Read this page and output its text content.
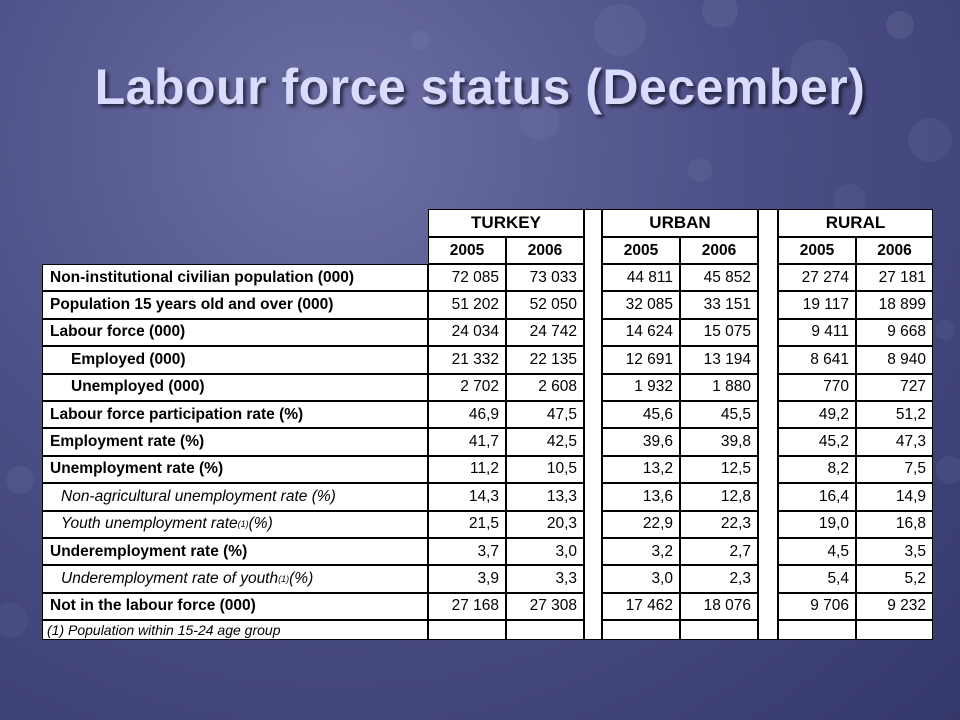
Labour force status (December)
TURKEY	URBAN	RURAL
2005	2006	2005	2006	2005	2006
Non-institutional civilian population (000)	72 085	73 033	44 811	45 852	27 274	27 181
Population 15 years old and over (000)	51 202	52 050	32 085	33 151	19 117	18 899
Labour force (000)	24 034	24 742	14 624	15 075	9 411	9 668
Employed (000)	21 332	22 135	12 691	13 194	8 641	8 940
Unemployed (000)	2 702	2 608	1 932	1 880	770	727
Labour force participation rate (%)	46,9	47,5	45,6	45,5	49,2	51,2
Employment rate (%)	41,7	42,5	39,6	39,8	45,2	47,3
Unemployment rate (%)	11,2	10,5	13,2	12,5	8,2	7,5
Non-agricultural unemployment rate (%)	14,3	13,3	13,6	12,8	16,4	14,9
Youth unemployment rate (1) (%)	21,5	20,3	22,9	22,3	19,0	16,8
Underemployment rate (%)	3,7	3,0	3,2	2,7	4,5	3,5
Underemployment rate of youth (1) (%)	3,9	3,3	3,0	2,3	5,4	5,2
Not in the labour force (000)	27 168	27 308	17 462	18 076	9 706	9 232
(1) Population within 15-24 age group
